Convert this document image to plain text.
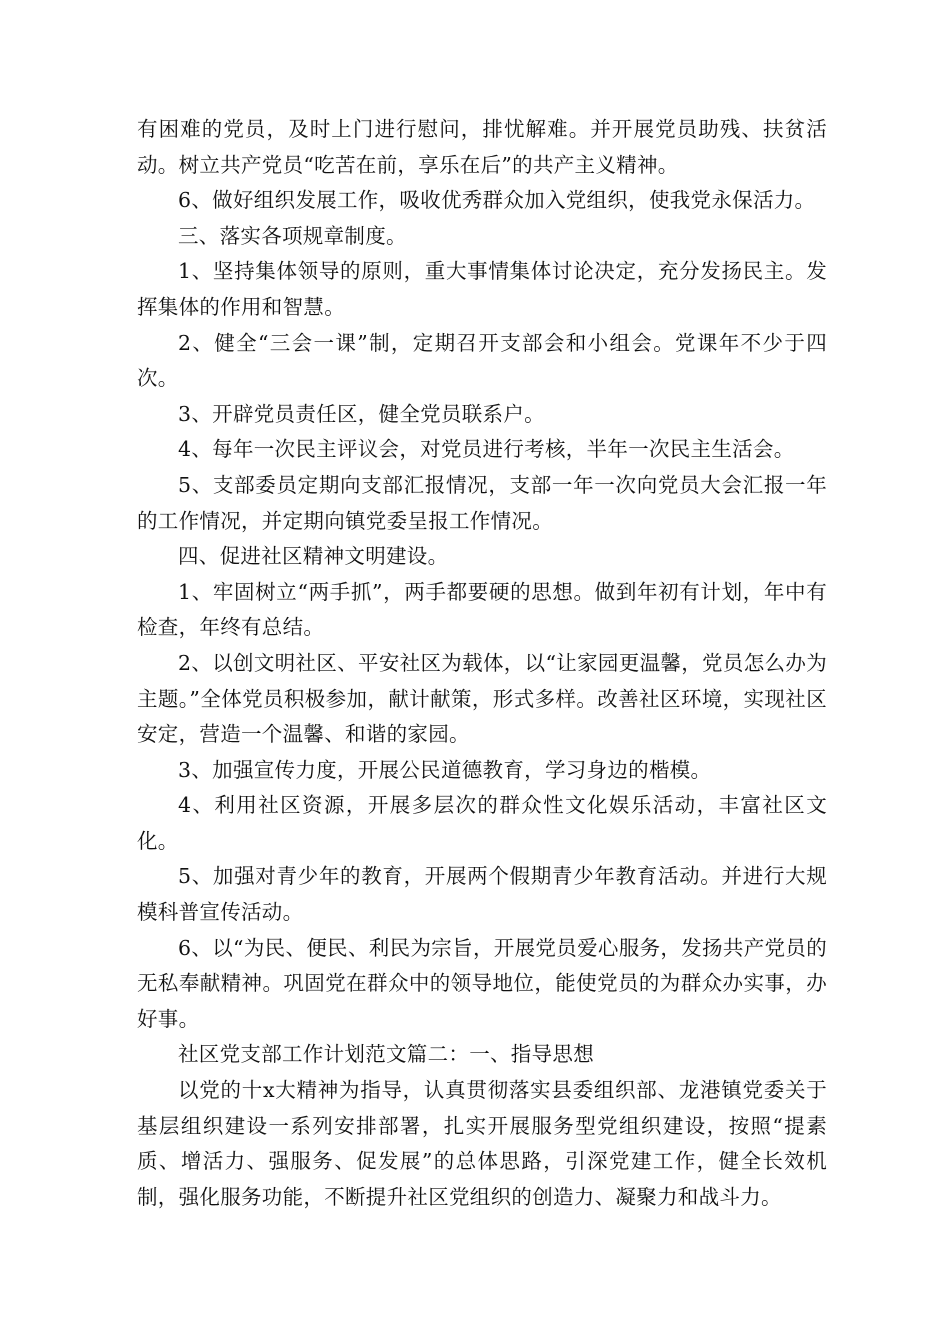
有困难的党员，及时上门进行慰问，排忧解难。并开展党员助残、扶贫活动。树立共产党员“吃苦在前，享乐在后”的共产主义精神。

6、做好组织发展工作，吸收优秀群众加入党组织，使我党永保活力。

三、落实各项规章制度。

1、坚持集体领导的原则，重大事情集体讨论决定，充分发扬民主。发挥集体的作用和智慧。

2、健全“三会一课”制，定期召开支部会和小组会。党课年不少于四次。

3、开辟党员责任区，健全党员联系户。

4、每年一次民主评议会，对党员进行考核，半年一次民主生活会。

5、支部委员定期向支部汇报情况，支部一年一次向党员大会汇报一年的工作情况，并定期向镇党委呈报工作情况。

四、促进社区精神文明建设。

1、牢固树立“两手抓”，两手都要硬的思想。做到年初有计划，年中有检查，年终有总结。

2、以创文明社区、平安社区为载体，以“让家园更温馨，党员怎么办为主题。”全体党员积极参加，献计献策，形式多样。改善社区环境，实现社区安定，营造一个温馨、和谐的家园。

3、加强宣传力度，开展公民道德教育，学习身边的楷模。

4、利用社区资源，开展多层次的群众性文化娱乐活动，丰富社区文化。

5、加强对青少年的教育，开展两个假期青少年教育活动。并进行大规模科普宣传活动。

6、以“为民、便民、利民为宗旨，开展党员爱心服务，发扬共产党员的无私奉献精神。巩固党在群众中的领导地位，能使党员的为群众办实事，办好事。

社区党支部工作计划范文篇二：一、指导思想

以党的十x大精神为指导，认真贯彻落实县委组织部、龙港镇党委关于基层组织建设一系列安排部署，扎实开展服务型党组织建设，按照“提素质、增活力、强服务、促发展”的总体思路，引深党建工作，健全长效机制，强化服务功能，不断提升社区党组织的创造力、凝聚力和战斗力。
